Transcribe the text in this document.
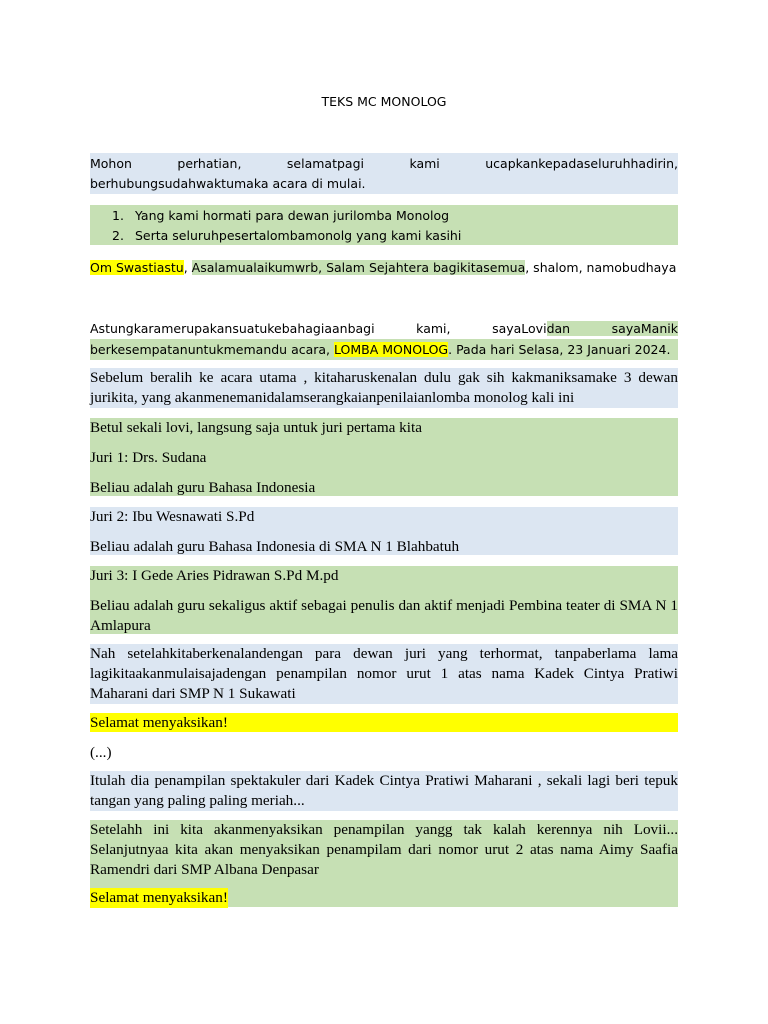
TEKS MC MONOLOG
Mohon perhatian, selamatpagi kami ucapkankepadaseluruhhadirin,
berhubungsudahwaktumaka acara di mulai.
1. Yang kami hormati para dewan jurilomba Monolog
2. Serta seluruhpesertalombamonolg yang kami kasihi
Om Swastiastu, Asalamualaikumwrb, Salam Sejahtera bagikitasemua, shalom, namobudhaya
Astungkaramerupakansuatukebahagiaanbagi kami, sayaLovidan sayaManik
berkesempatanuntukmemandu acara, LOMBA MONOLOG. Pada hari Selasa, 23 Januari 2024.
Sebelum beralih ke acara utama , kitaharuskenalan dulu gak sih kakmaniksamake 3 dewan
jurikita, yang akanmenemanidalamserangkaianpenilaianlomba monolog kali ini
Betul sekali lovi, langsung saja untuk juri pertama kita
Juri 1: Drs. Sudana
Beliau adalah guru Bahasa Indonesia
Juri 2: Ibu Wesnawati S.Pd
Beliau adalah guru Bahasa Indonesia di SMA N 1 Blahbatuh
Juri 3: I Gede Aries Pidrawan S.Pd M.pd
Beliau adalah guru sekaligus aktif sebagai penulis dan aktif menjadi Pembina teater di SMA N 1
Amlapura
Nah setelahkitaberkenalandengan para dewan juri yang terhormat, tanpaberlama lama
lagikitaakanmulaisajadengan penampilan nomor urut 1 atas nama Kadek Cintya Pratiwi
Maharani dari SMP N 1 Sukawati
Selamat menyaksikan!
(...)
Itulah dia penampilan spektakuler dari Kadek Cintya Pratiwi Maharani , sekali lagi beri tepuk
tangan yang paling paling meriah...
Setelahh ini kita akanmenyaksikan penampilan yangg tak kalah kerennya nih Lovii...
Selanjutnyaa kita akan menyaksikan penampilam dari nomor urut 2 atas nama Aimy Saafia
Ramendri dari SMP Albana Denpasar
Selamat menyaksikan!
